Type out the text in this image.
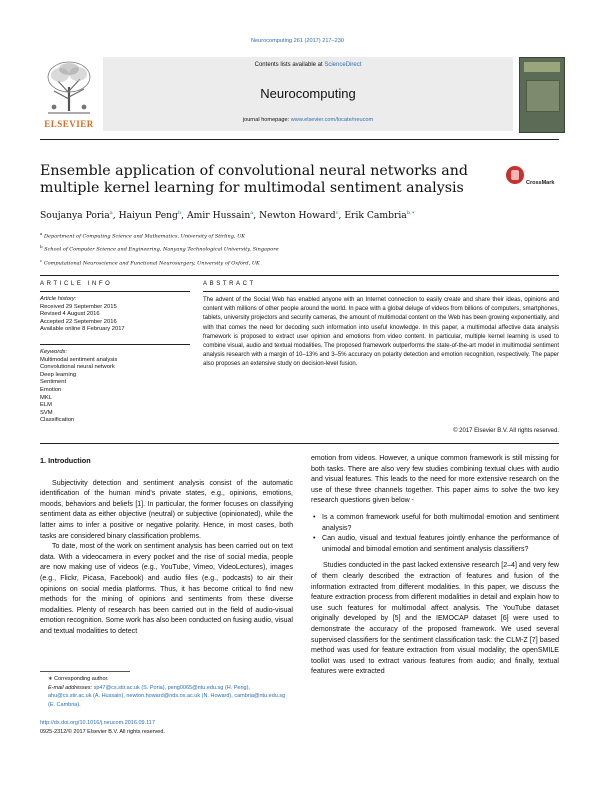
Neurocomputing 261 (2017) 217–230
ELSEVIER
Contents lists available at ScienceDirect
Neurocomputing
journal homepage: www.elsevier.com/locate/neucom
Ensemble application of convolutional neural networks and multiple kernel learning for multimodal sentiment analysis	CrossMark
Soujanya Poria$^a$, Haiyun Peng$^b$, Amir Hussain$^a$, Newton Howard$^c$, Erik Cambria$^{b,∗}$
$^a$ Department of Computing Science and Mathematics, University of Stirling, UK
$^b$ School of Computer Science and Engineering, Nanyang Technological University, Singapore
$^c$ Computational Neuroscience and Functional Neurosurgery, University of Oxford, UK
ARTICLE INFO	ABSTRACT
Article history:
Received 29 September 2015
Revised 4 August 2016
Accepted 22 September 2016
Available online 8 February 2017
Keywords:
Multimodal sentiment analysis
Convolutional neural network
Deep learning
Sentiment
Emotion
MKL
ELM
SVM
Classification
The advent of the Social Web has enabled anyone with an Internet connection to easily create and share their ideas, opinions and content with millions of other people around the world. In pace with a global deluge of videos from billions of computers, smartphones, tablets, university projectors and security cameras, the amount of multimodal content on the Web has been growing exponentially, and with that comes the need for decoding such information into useful knowledge. In this paper, a multimodal affective data analysis framework is proposed to extract user opinion and emotions from video content. In particular, multiple kernel learning is used to combine visual, audio and textual modalities. The proposed framework outperforms the state-of-the-art model in multimodal sentiment analysis research with a margin of 10–13% and 3–5% accuracy on polarity detection and emotion recognition, respectively. The paper also proposes an extensive study on decision-level fusion.
© 2017 Elsevier B.V. All rights reserved.
1. Introduction

Subjectivity detection and sentiment analysis consist of the automatic identification of the human mind's private states, e.g., opinions, emotions, moods, behaviors and beliefs [1]. In particular, the former focuses on classifying sentiment data as either objective (neutral) or subjective (opinionated), while the latter aims to infer a positive or negative polarity. Hence, in most cases, both tasks are considered binary classification problems.

To date, most of the work on sentiment analysis has been carried out on text data. With a videocamera in every pocket and the rise of social media, people are now making use of videos (e.g., YouTube, Vimeo, VideoLectures), images (e.g., Flickr, Picasa, Facebook) and audio files (e.g., podcasts) to air their opinions on social media platforms. Thus, it has become critical to find new methods for the mining of opinions and sentiments from these diverse modalities. Plenty of research has been carried out in the field of audio-visual emotion recognition. Some work has also been conducted on fusing audio, visual and textual modalities to detect

emotion from videos. However, a unique common framework is still missing for both tasks. There are also very few studies combining textual clues with audio and visual features. This leads to the need for more extensive research on the use of these three channels together. This paper aims to solve the two key research questions given below -

• Is a common framework useful for both multimodal emotion and sentiment analysis?
• Can audio, visual and textual features jointly enhance the performance of unimodal and bimodal emotion and sentiment analysis classifiers?

Studies conducted in the past lacked extensive research [2–4] and very few of them clearly described the extraction of features and fusion of the information extracted from different modalities. In this paper, we discuss the feature extraction process from different modalities in detail and explain how to use such features for multimodal affect analysis. The YouTube dataset originally developed by [5] and the IEMOCAP dataset [6] were used to demonstrate the accuracy of the proposed framework. We used several supervised classifiers for the sentiment classification task: the CLM-Z [7] based method was used for feature extraction from visual modality; the openSMILE toolkit was used to extract various features from audio; and finally, textual features were extracted

∗ Corresponding author.
E-mail addresses: sp47@cs.stir.ac.uk (S. Poria), peng0065@ntu.edu.sg (H. Peng), ahu@cs.stir.ac.uk (A. Hussain), newton.howard@nds.ox.ac.uk (N. Howard), cambria@ntu.edu.sg (E. Cambria).
http://dx.doi.org/10.1016/j.neucom.2016.09.117
0925-2312/© 2017 Elsevier B.V. All rights reserved.
